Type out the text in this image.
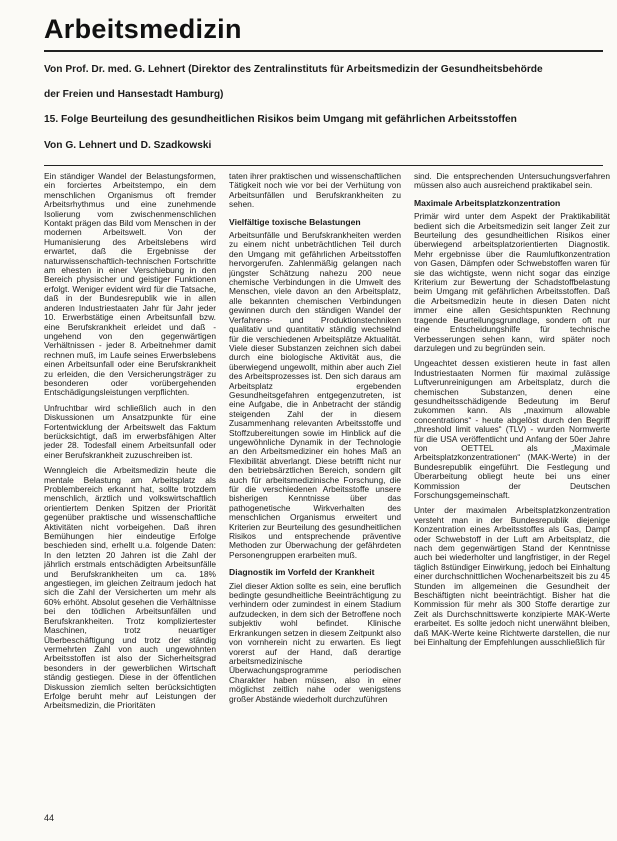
Arbeitsmedizin
Von Prof. Dr. med. G. Lehnert (Direktor des Zentralinstituts für Arbeitsmedizin der Gesundheitsbehörde
der Freien und Hansestadt Hamburg)
15. Folge Beurteilung des gesundheitlichen Risikos beim Umgang mit gefährlichen Arbeitsstoffen
Von G. Lehnert und D. Szadkowski

Ein ständiger Wandel der Belastungsformen, ein forciertes Arbeitstempo, ein dem menschlichen Organismus oft fremder Arbeitsrhythmus und eine zunehmende Isolierung vom zwischenmenschlichen Kontakt prägen das Bild vom Menschen in der modernen Arbeitswelt. Von der Humanisierung des Arbeitslebens wird erwartet, daß die Ergebnisse der naturwissenschaftlich-technischen Fortschritte am ehesten in einer Verschiebung in den Bereich physischer und geistiger Funktionen erfolgt. Weniger evident wird für die Tatsache, daß in der Bundesrepublik wie in allen anderen Industriestaaten Jahr für Jahr jeder 10. Erwerbstätige einen Arbeitsunfall bzw. eine Berufskrankheit erleidet und daß - ungehend von den gegenwärtigen Verhältnissen - jeder 8. Arbeitnehmer damit rechnen muß, im Laufe seines Erwerbslebens einen Arbeitsunfall oder eine Berufskrankheit zu erleiden, die den Versicherungsträger zu besonderen oder vorübergehenden Entschädigungsleistungen verpflichten.

Unfruchtbar wird schließlich auch in den Diskussionen um Ansatzpunkte für eine Fortentwicklung der Arbeitswelt das Faktum berücksichtigt, daß im erwerbsfähigen Alter jeder 28. Todesfall einem Arbeitsunfall oder einer Berufskrankheit zuzuschreiben ist.

Wenngleich die Arbeitsmedizin heute die mentale Belastung am Arbeitsplatz als Problembereich erkannt hat, sollte trotzdem menschlich, ärztlich und volkswirtschaftlich orientiertem Denken Spitzen der Priorität gegenüber praktische und wissenschaftliche Aktivitäten nicht vorbeigehen. Daß ihren Bemühungen hier eindeutige Erfolge beschieden sind, erhellt u.a. folgende Daten: In den letzten 20 Jahren ist die Zahl der jährlich erstmals entschädigten Arbeitsunfälle und Berufskrankheiten um ca. 18% angestiegen, im gleichen Zeitraum jedoch hat sich die Zahl der Versicherten um mehr als 60% erhöht. Absolut gesehen die Verhältnisse bei den tödlichen Arbeitsunfällen und Berufskrankheiten. Trotz kompliziertester Maschinen, trotz neuartiger Überbeschäftigung und trotz der ständig vermehrten Zahl von auch ungewohnten Arbeitsstoffen ist also der Sicherheitsgrad besonders in der gewerblichen Wirtschaft ständig gestiegen. Diese in der öffentlichen Diskussion ziemlich selten berücksichtigten Erfolge beruht mehr auf Leistungen der Arbeitsmedizin, die Prioritäten

taten ihrer praktischen und wissenschaftlichen Tätigkeit noch wie vor bei der Verhütung von Arbeitsunfällen und Berufskrankheiten zu sehen.

Vielfältige toxische Belastungen

Arbeitsunfälle und Berufskrankheiten werden zu einem nicht unbeträchtlichen Teil durch den Umgang mit gefährlichen Arbeitsstoffen hervorgerufen. Zahlenmäßig gelangen nach jüngster Schätzung nahezu 200 neue chemische Verbindungen in die Umwelt des Menschen, viele davon an den Arbeitsplatz, alle bekannten chemischen Verbindungen gewinnen durch den ständigen Wandel der Verfahrens- und Produktionstechniken qualitativ und quantitativ ständig wechselnd für die verschiedenen Arbeitsplätze Aktualität. Viele dieser Substanzen zeichnen sich dabei durch eine biologische Aktivität aus, die überwiegend ungewollt, mithin aber auch Ziel des Arbeitsprozesses ist. Den sich daraus am Arbeitsplatz ergebenden Gesundheitsgefahren entgegenzutreten, ist eine Aufgabe, die in Anbetracht der ständig steigenden Zahl der in diesem Zusammenhang relevanten Arbeitsstoffe und Stoffzubereitungen sowie im Hinblick auf die ungewöhnliche Dynamik in der Technologie an den Arbeitsmediziner ein hohes Maß an Flexibilität abverlangt. Diese betrifft nicht nur den betriebsärztlichen Bereich, sondern gilt auch für arbeitsmedizinische Forschung, die für die verschiedenen Arbeitsstoffe unsere bisherigen Kenntnisse über das pathogenetische Wirkverhalten des menschlichen Organismus erweitert und Kriterien zur Beurteilung des gesundheitlichen Risikos und entsprechende präventive Methoden zur Überwachung der gefährdeten Personengruppen erarbeiten muß.

Diagnostik im Vorfeld der Krankheit

Ziel dieser Aktion sollte es sein, eine beruflich bedingte gesundheitliche Beeinträchtigung zu verhindern oder zumindest in einem Stadium aufzudecken, in dem sich der Betroffene noch subjektiv wohl befindet. Klinische Erkrankungen setzen in diesem Zeitpunkt also von vornherein nicht zu erwarten. Es liegt vorerst auf der Hand, daß derartige arbeitsmedizinische Überwachungsprogramme periodischen Charakter haben müssen, also in einer möglichst zeitlich nahe oder wenigstens großer Abstände wiederholt durchzuführen

sind. Die entsprechenden Untersuchungsverfahren müssen also auch ausreichend praktikabel sein.

Maximale Arbeitsplatzkonzentration

Primär wird unter dem Aspekt der Praktikabilität bedient sich die Arbeitsmedizin seit langer Zeit zur Beurteilung des gesundheitlichen Risikos einer überwiegend arbeitsplatzorientierten Diagnostik. Mehr ergebnisse über die Raumluftkonzentration von Gasen, Dämpfen oder Schwebstoffen waren für sie das wichtigste, wenn nicht sogar das einzige Kriterium zur Bewertung der Schadstoffbelastung beim Umgang mit gefährlichen Arbeitsstoffen. Daß die Arbeitsmedizin heute in diesen Daten nicht immer eine allen Gesichtspunkten Rechnung tragende Beurteilungsgrundlage, sondern oft nur eine Entscheidungshilfe für technische Verbesserungen sehen kann, wird später noch darzulegen und zu begründen sein.

Ungeachtet dessen existieren heute in fast allen Industriestaaten Normen für maximal zulässige Luftverunreinigungen am Arbeitsplatz, durch die chemischen Substanzen, denen eine gesundheitsschädigende Bedeutung im Beruf zukommen kann. Als „maximum allowable concentrations“ - heute abgelöst durch den Begriff „threshold limit values“ (TLV) - wurden Normwerte für die USA veröffentlicht und Anfang der 50er Jahre von OETTEL als „Maximale Arbeitsplatzkonzentrationen“ (MAK-Werte) in der Bundesrepublik eingeführt. Die Festlegung und Überarbeitung obliegt heute bei uns einer Kommission der Deutschen Forschungsgemeinschaft.

Unter der maximalen Arbeitsplatzkonzentration versteht man in der Bundesrepublik diejenige Konzentration eines Arbeitsstoffes als Gas, Dampf oder Schwebstoff in der Luft am Arbeitsplatz, die nach dem gegenwärtigen Stand der Kenntnisse auch bei wiederholter und langfristiger, in der Regel täglich 8stündiger Einwirkung, jedoch bei Einhaltung einer durchschnittlichen Wochenarbeitszeit bis zu 45 Stunden im allgemeinen die Gesundheit der Beschäftigten nicht beeinträchtigt. Bisher hat die Kommission für mehr als 300 Stoffe derartige zur Zeit als Durchschnittswerte konzipierte MAK-Werte erarbeitet. Es sollte jedoch nicht unerwähnt bleiben, daß MAK-Werte keine Richtwerte darstellen, die nur bei Einhaltung der Empfehlungen ausschließlich für

44
